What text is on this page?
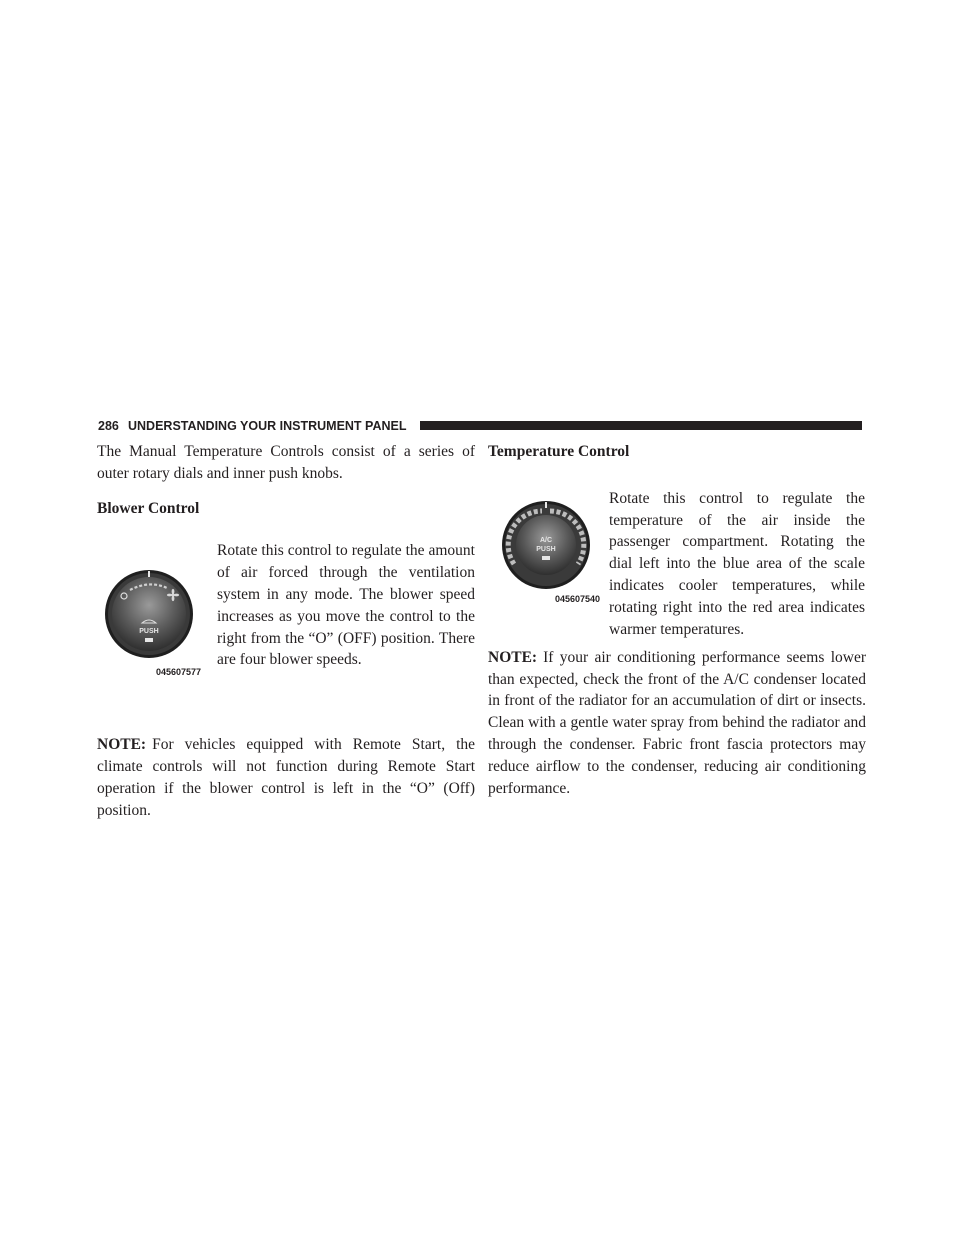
286 UNDERSTANDING YOUR INSTRUMENT PANEL

The Manual Temperature Controls consist of a series of outer rotary dials and inner push knobs.

Blower Control
PUSH
045607577

Rotate this control to regulate the amount of air forced through the ventilation system in any mode. The blower speed increases as you move the control to the right from the “O” (OFF) position. There are four blower speeds.

NOTE: For vehicles equipped with Remote Start, the climate controls will not function during Remote Start operation if the blower control is left in the “O” (Off) position.

Temperature Control
A/C
PUSH
045607540

Rotate this control to regulate the temperature of the air inside the passenger compartment. Rotating the dial left into the blue area of the scale indicates cooler temperatures, while rotating right into the red area indicates warmer temperatures.

NOTE: If your air conditioning performance seems lower than expected, check the front of the A/C condenser located in front of the radiator for an accumulation of dirt or insects. Clean with a gentle water spray from behind the radiator and through the condenser. Fabric front fascia protectors may reduce airflow to the condenser, reducing air conditioning performance.
